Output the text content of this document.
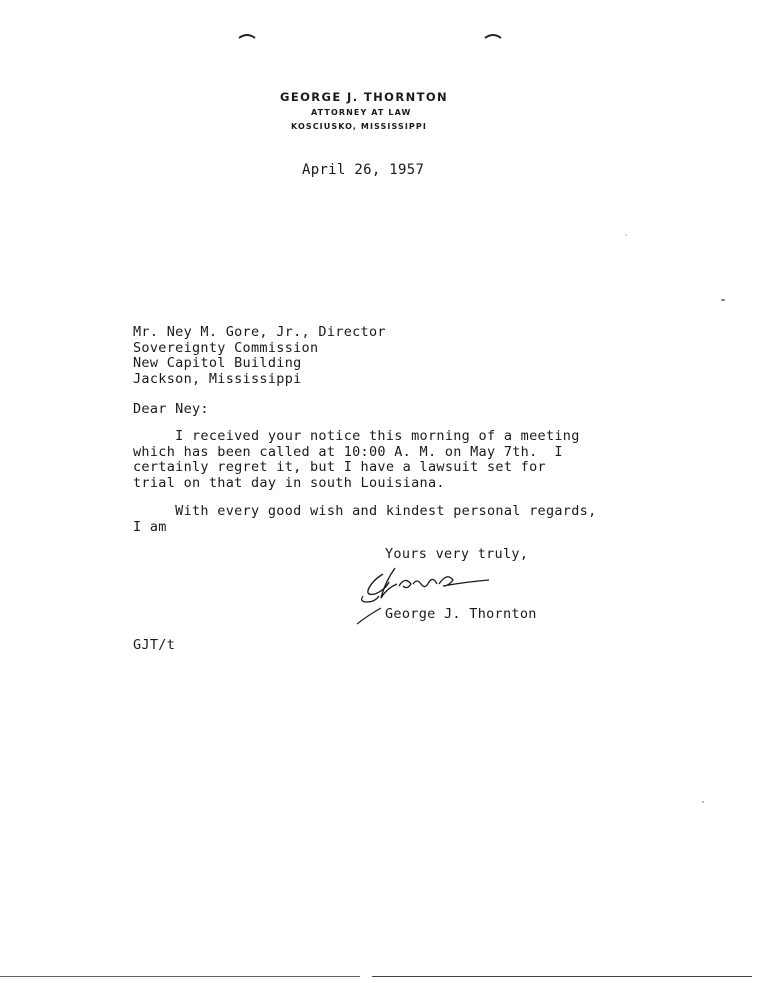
GEORGE J. THORNTON
ATTORNEY AT LAW
KOSCIUSKO, MISSISSIPPI
April 26, 1957
Mr. Ney M. Gore, Jr., Director
Sovereignty Commission
New Capitol Building
Jackson, Mississippi
Dear Ney:
I received your notice this morning of a meeting
which has been called at 10:00 A. M. on May 7th.  I
certainly regret it, but I have a lawsuit set for
trial on that day in south Louisiana.
With every good wish and kindest personal regards,
I am
Yours very truly,
George J. Thornton
GJT/t
